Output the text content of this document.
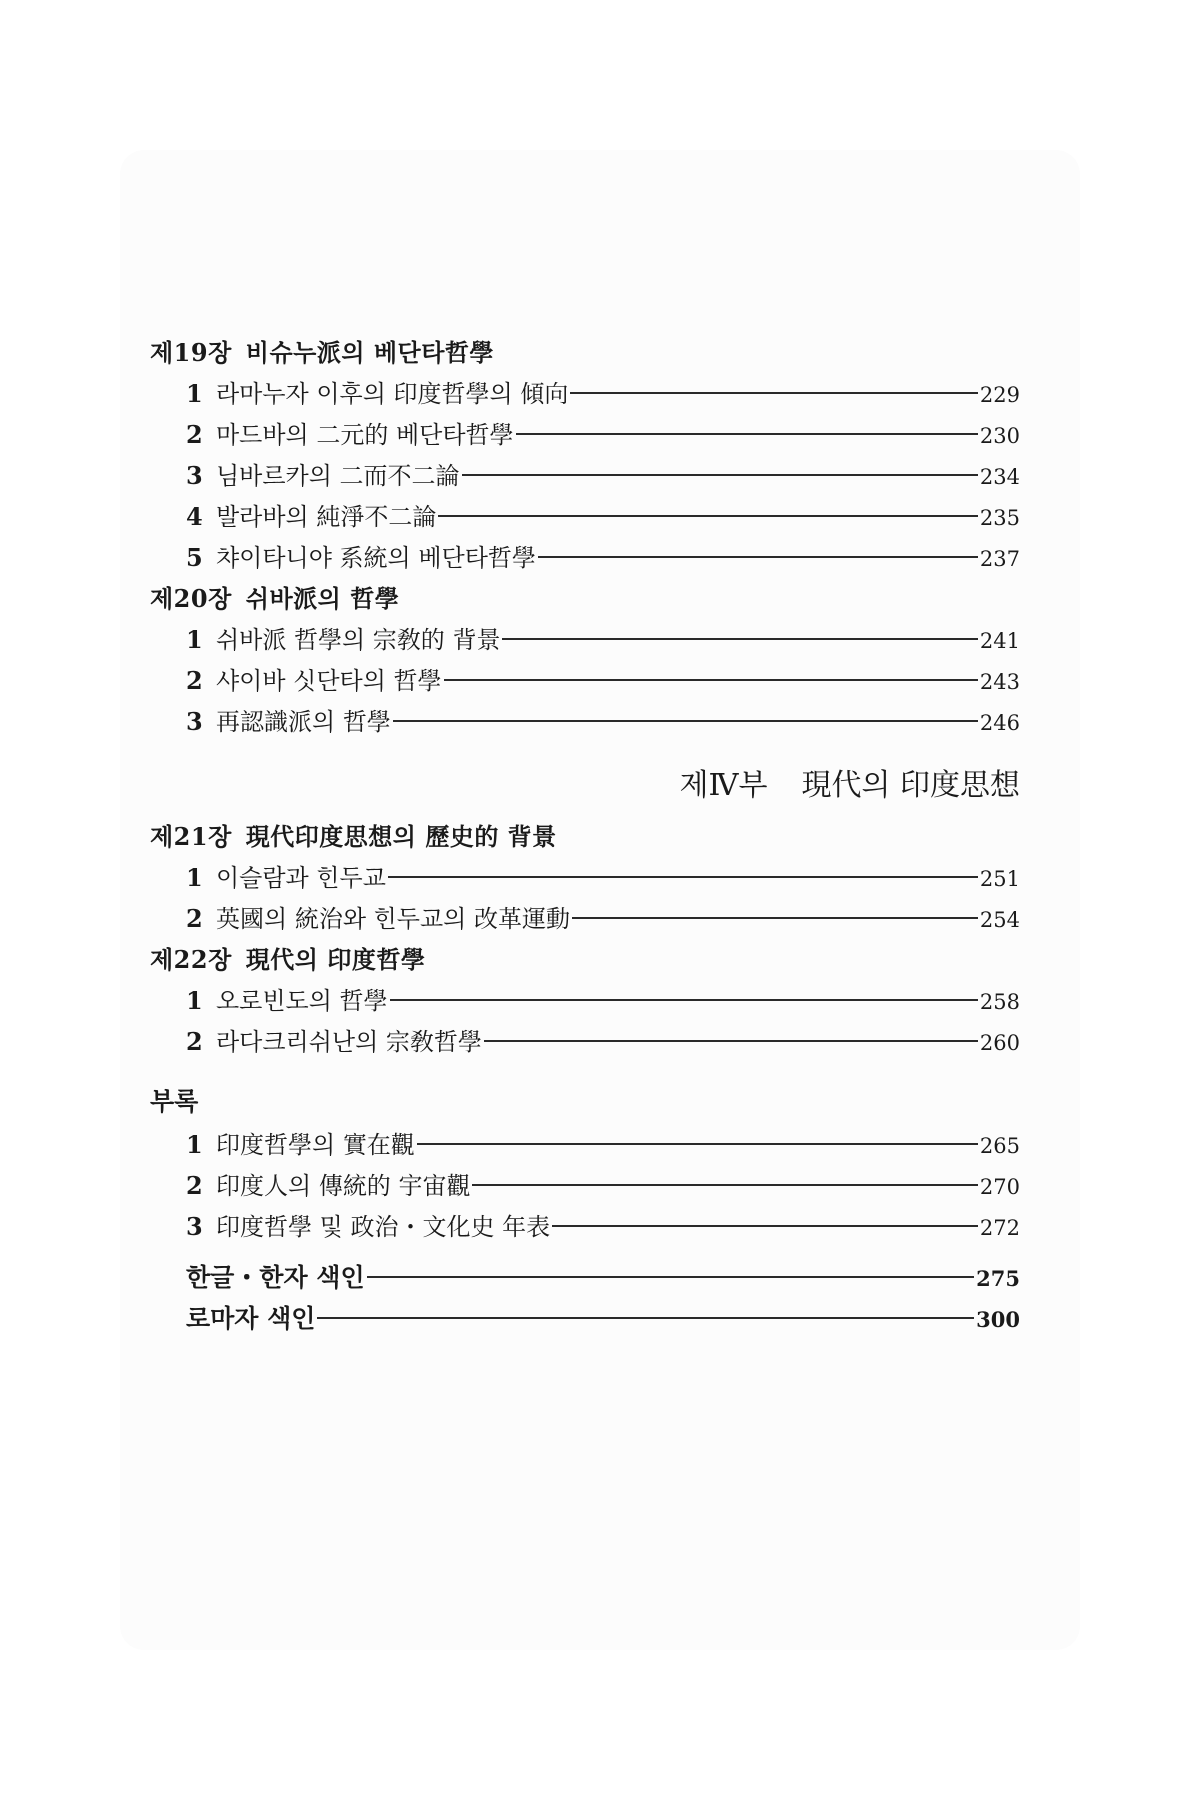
제19장 비슈누派의 베단타哲學
1 라마누자 이후의 印度哲學의 傾向	229
2 마드바의 二元的 베단타哲學	230
3 님바르카의 二而不二論	234
4 발라바의 純淨不二論	235
5 챠이타니야 系統의 베단타哲學	237
제20장 쉬바派의 哲學
1 쉬바派 哲學의 宗敎的 背景	241
2 샤이바 싯단타의 哲學	243
3 再認識派의 哲學	246
제Ⅳ부 現代의 印度思想
제21장 現代印度思想의 歷史的 背景
1 이슬람과 힌두교	251
2 英國의 統治와 힌두교의 改革運動	254
제22장 現代의 印度哲學
1 오로빈도의 哲學	258
2 라다크리쉬난의 宗敎哲學	260
부록
1 印度哲學의 實在觀	265
2 印度人의 傳統的 宇宙觀	270
3 印度哲學 및 政治・文化史 年表	272
한글・한자 색인	275
로마자 색인	300
